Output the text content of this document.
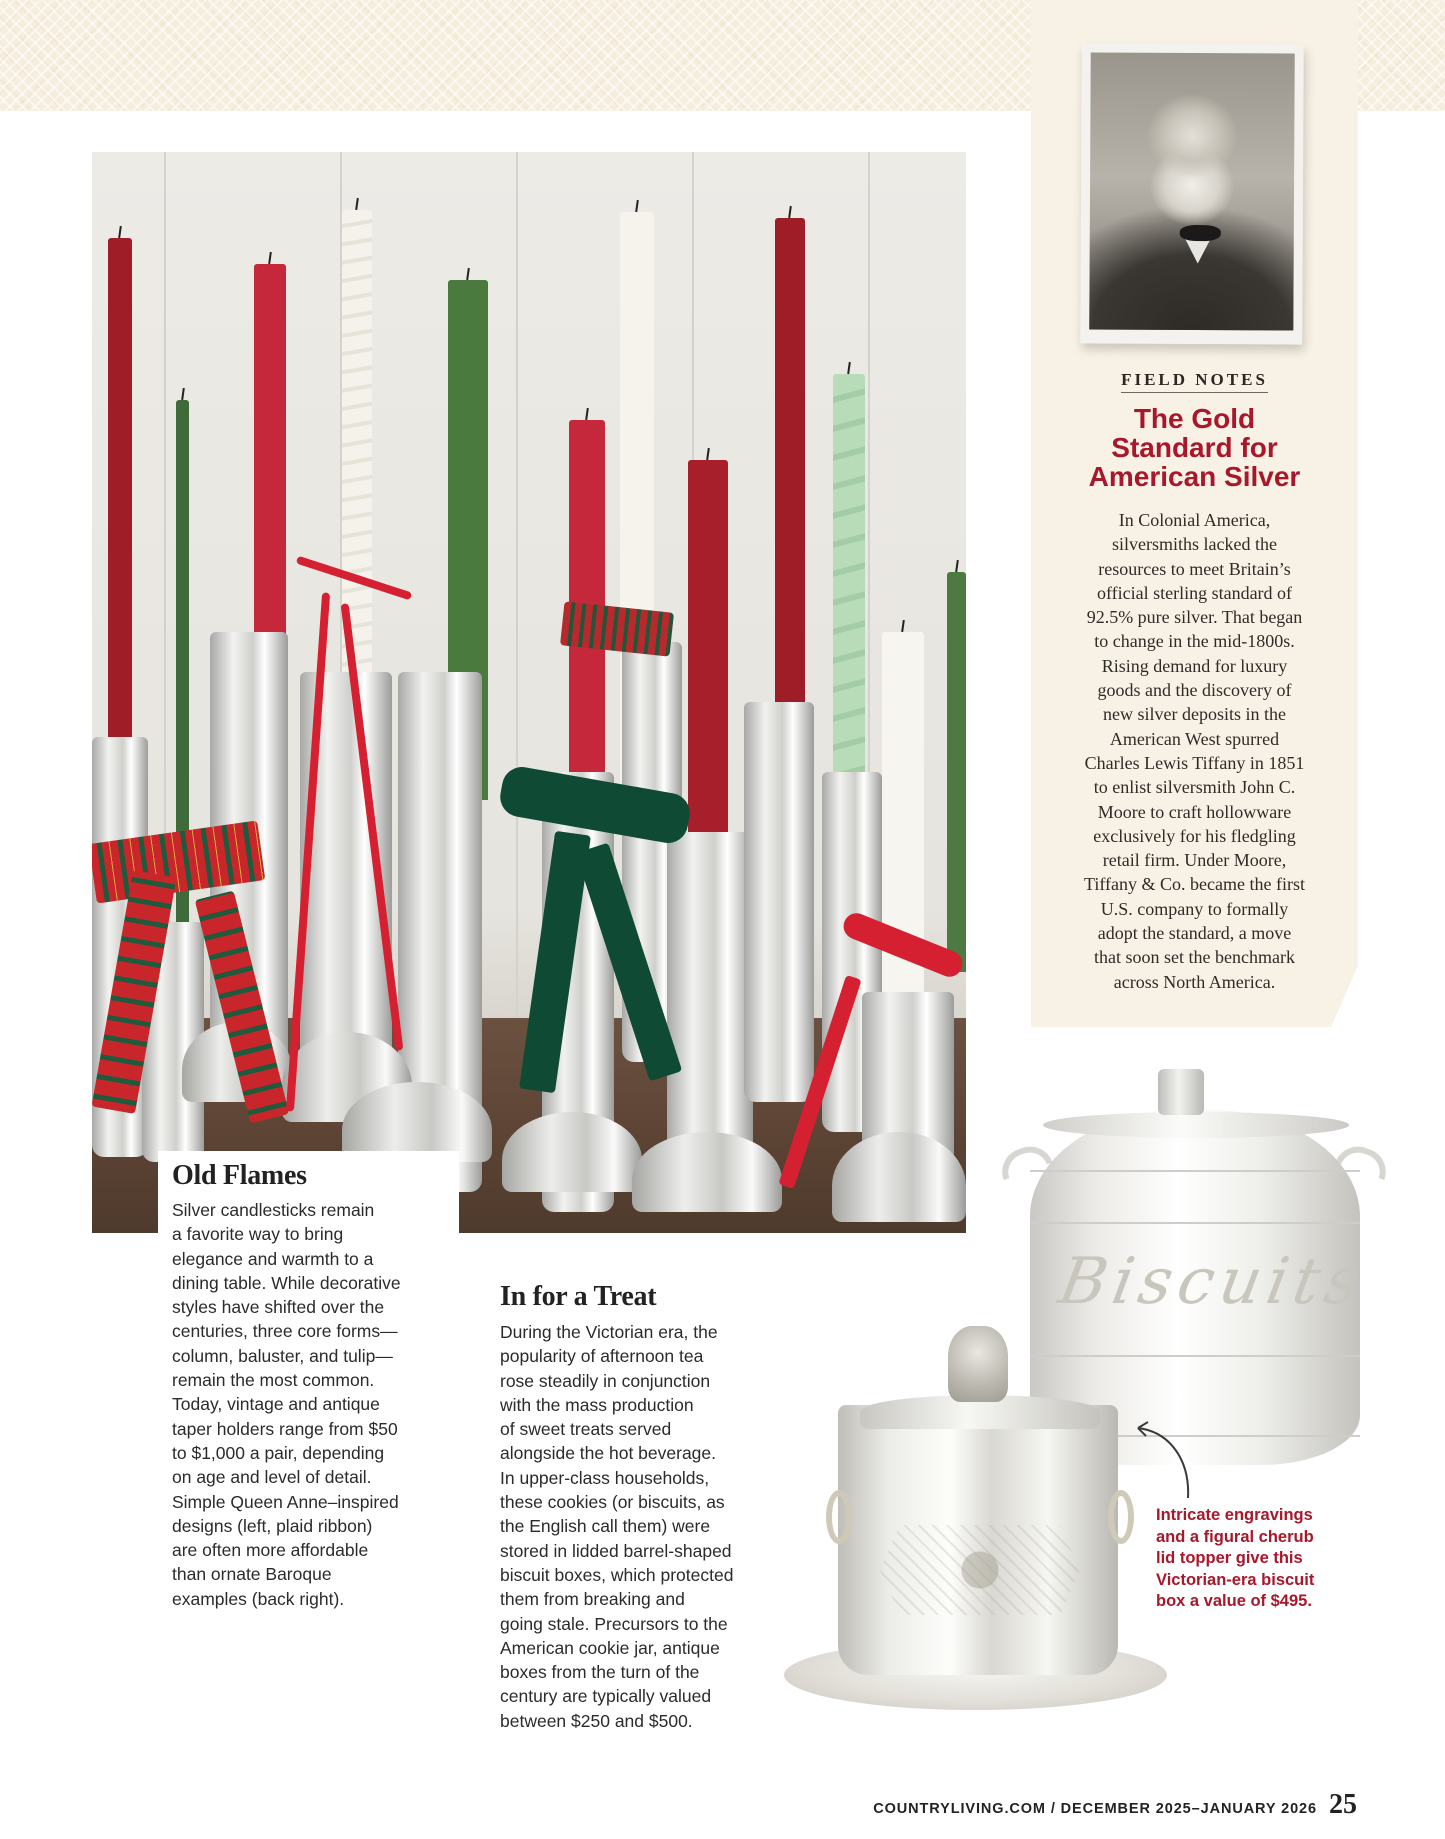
FIELD NOTES
The Gold
Standard for
American Silver
In Colonial America,
silversmiths lacked the
resources to meet Britain’s
official sterling standard of
92.5% pure silver. That began
to change in the mid-1800s.
Rising demand for luxury
goods and the discovery of
new silver deposits in the
American West spurred
Charles Lewis Tiffany in 1851
to enlist silversmith John C.
Moore to craft hollowware
exclusively for his fledgling
retail firm. Under Moore,
Tiffany & Co. became the first
U.S. company to formally
adopt the standard, a move
that soon set the benchmark
across North America.
Old Flames
Silver candlesticks remain
a favorite way to bring
elegance and warmth to a
dining table. While decorative
styles have shifted over the
centuries, three core forms—
column, baluster, and tulip—
remain the most common.
Today, vintage and antique
taper holders range from $50
to $1,000 a pair, depending
on age and level of detail.
Simple Queen Anne–inspired
designs (left, plaid ribbon)
are often more affordable
than ornate Baroque
examples (back right).
In for a Treat
During the Victorian era, the
popularity of afternoon tea
rose steadily in conjunction
with the mass production
of sweet treats served
alongside the hot beverage.
In upper-class households,
these cookies (or biscuits, as
the English call them) were
stored in lidded barrel-shaped
biscuit boxes, which protected
them from breaking and
going stale. Precursors to the
American cookie jar, antique
boxes from the turn of the
century are typically valued
between $250 and $500.
Biscuits
Intricate engravings
and a figural cherub
lid topper give this
Victorian-era biscuit
box a value of $495.
COUNTRYLIVING.COM / DECEMBER 2025–JANUARY 2026 25
